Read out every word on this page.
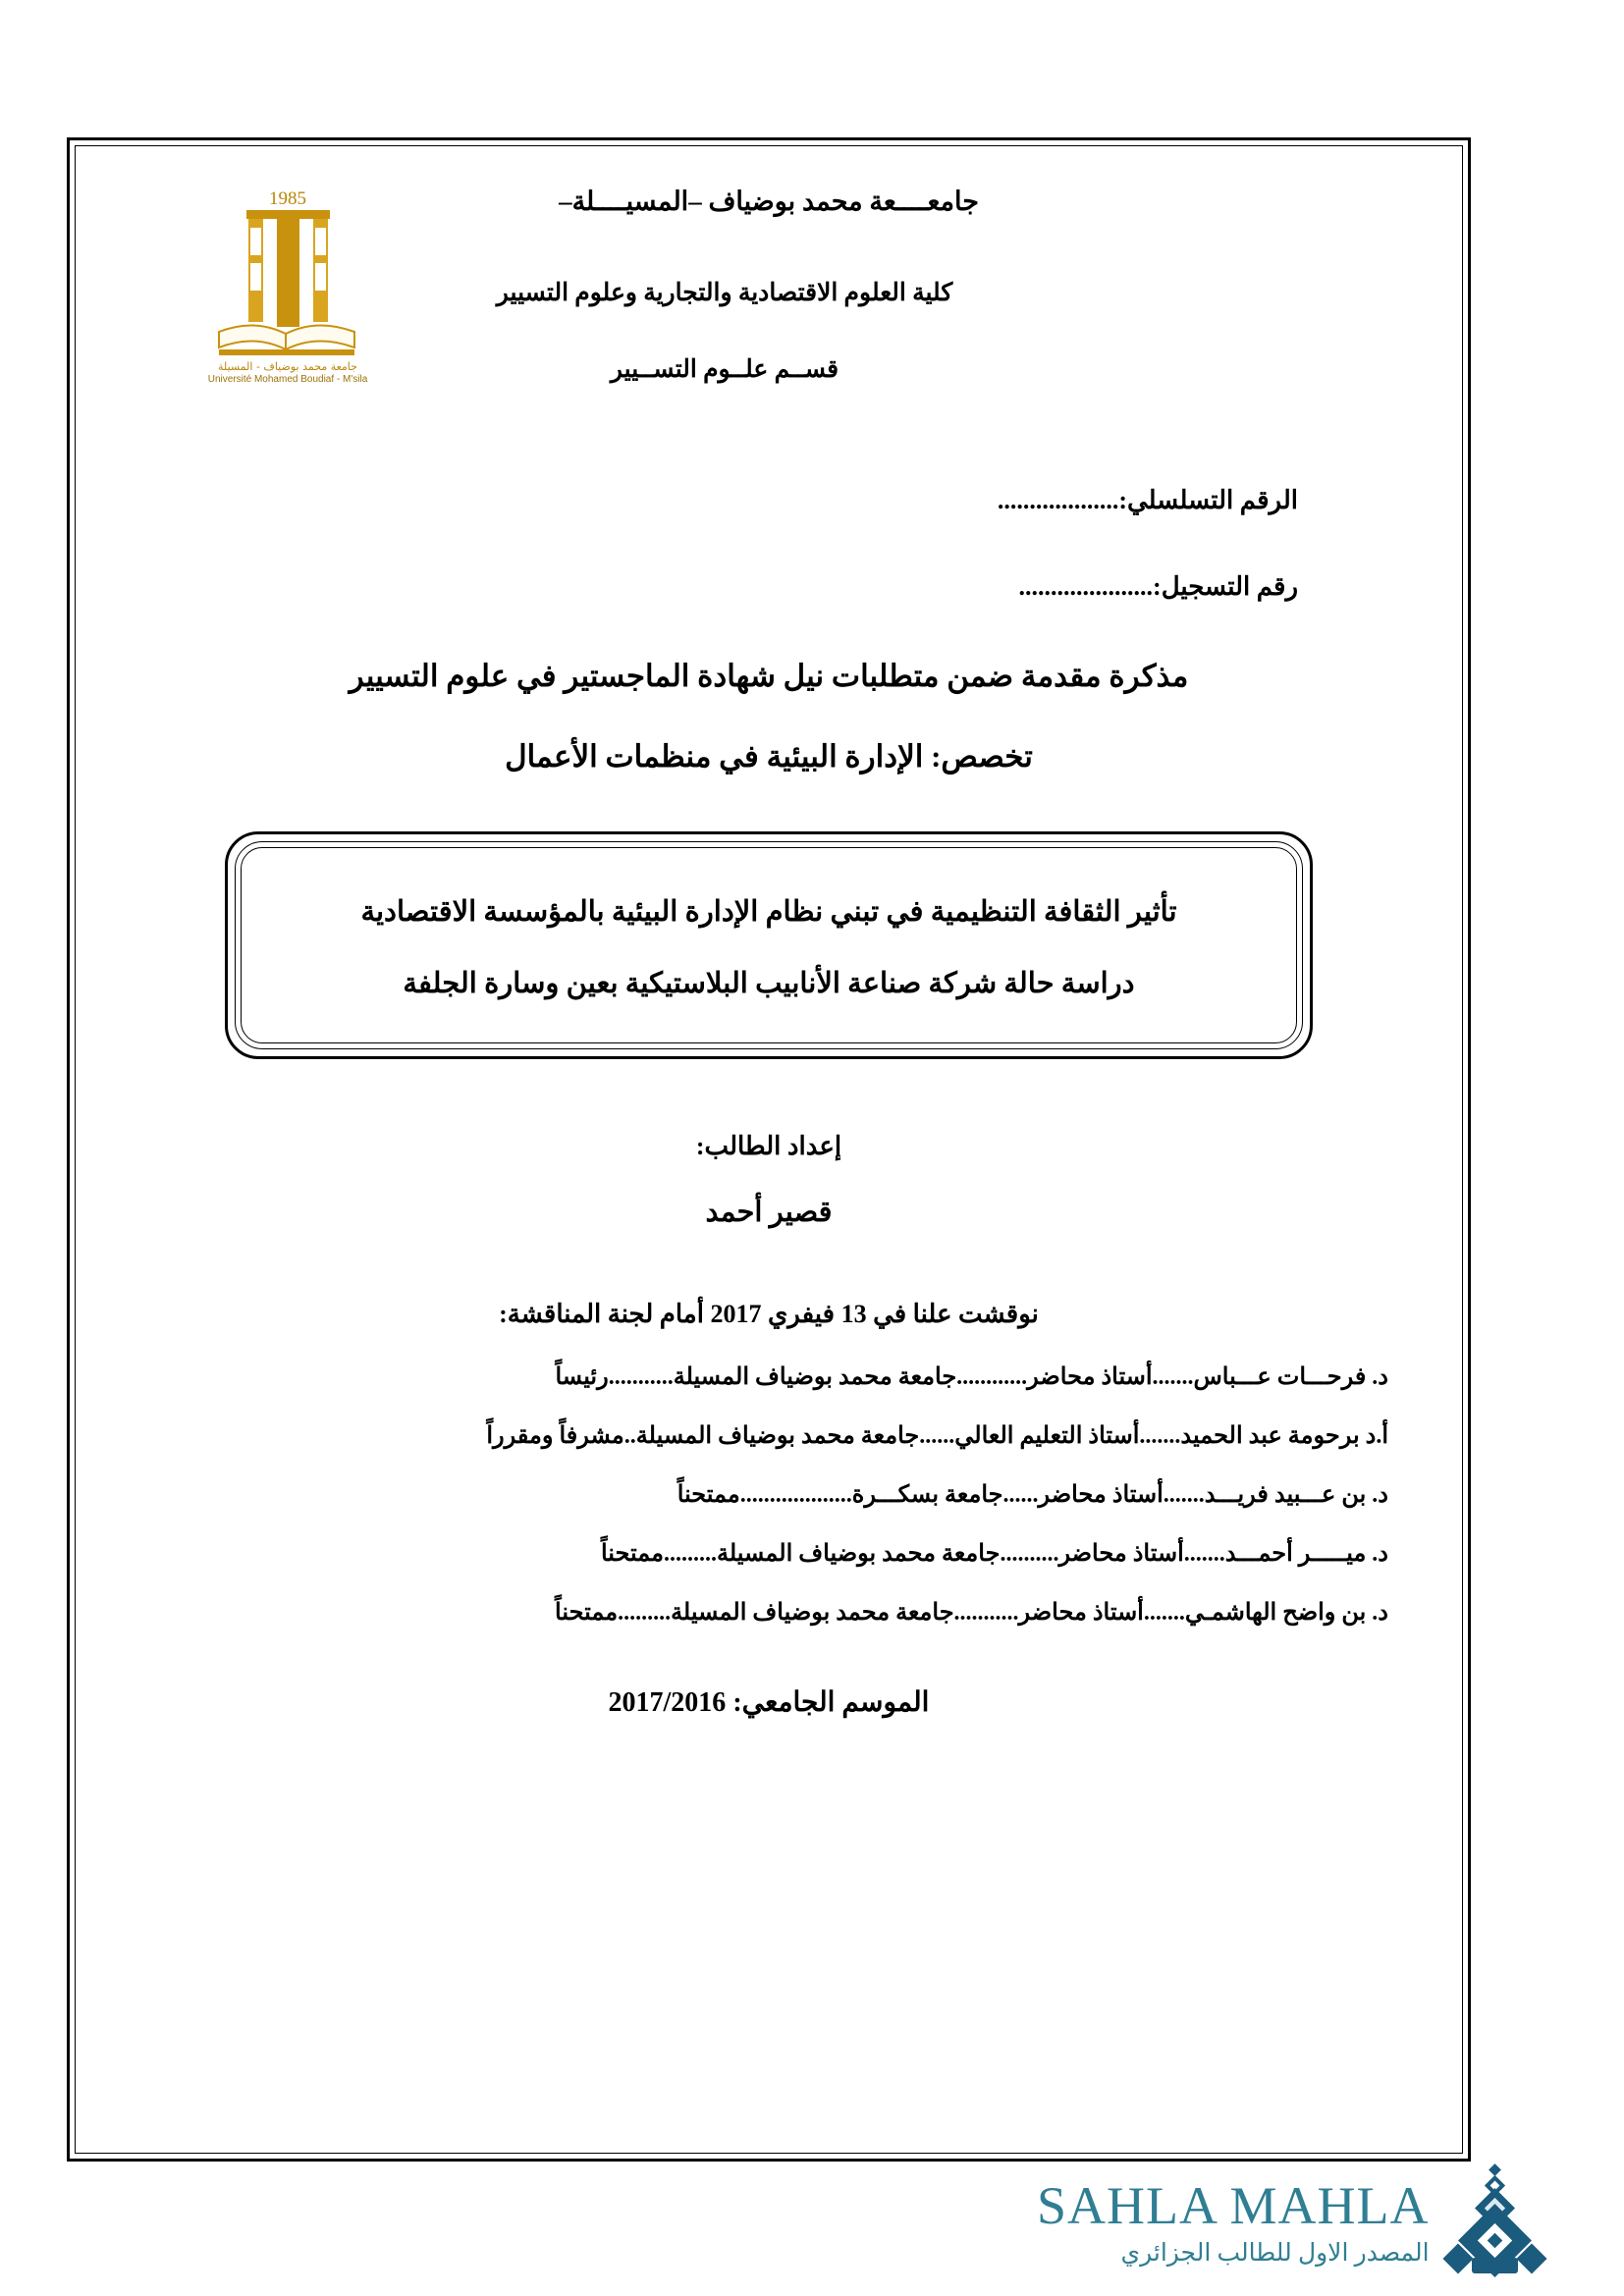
1985
جامعة محمد بوضياف - المسيلة
Université Mohamed Boudiaf - M'sila
جامعــــعة محمد بوضياف –المسيــــلة–
كلية العلوم الاقتصادية والتجارية وعلوم التسيير
قســم علــوم التســيير
الرقم التسلسلي:...................
رقم التسجيل:.....................
مذكرة مقدمة ضمن متطلبات نيل شهادة الماجستير في علوم التسيير
تخصص: الإدارة البيئية في منظمات الأعمال
تأثير الثقافة التنظيمية في تبني نظام الإدارة البيئية بالمؤسسة الاقتصادية
دراسة حالة شركة صناعة الأنابيب البلاستيكية بعين وسارة الجلفة
إعداد الطالب:
قصير أحمد
نوقشت علنا في 13 فيفري 2017 أمام لجنة المناقشة:
د. فرحـــات عـــباس.......أستاذ محاضر............جامعة محمد بوضياف المسيلة...........رئيساً
أ.د برحومة عبد الحميد.......أستاذ التعليم العالي......جامعة محمد بوضياف المسيلة..مشرفاً ومقرراً
د. بن عـــبيد فريـــد.......أستاذ محاضر......جامعة بسكـــرة...................ممتحناً
د. ميـــــر أحمـــد.......أستاذ محاضر..........جامعة محمد بوضياف المسيلة.........ممتحناً
د. بن واضح الهاشمـي.......أستاذ محاضر...........جامعة محمد بوضياف المسيلة.........ممتحناً
الموسم الجامعي: 2017/2016
SAHLA MAHLA
المصدر الاول للطالب الجزائري
